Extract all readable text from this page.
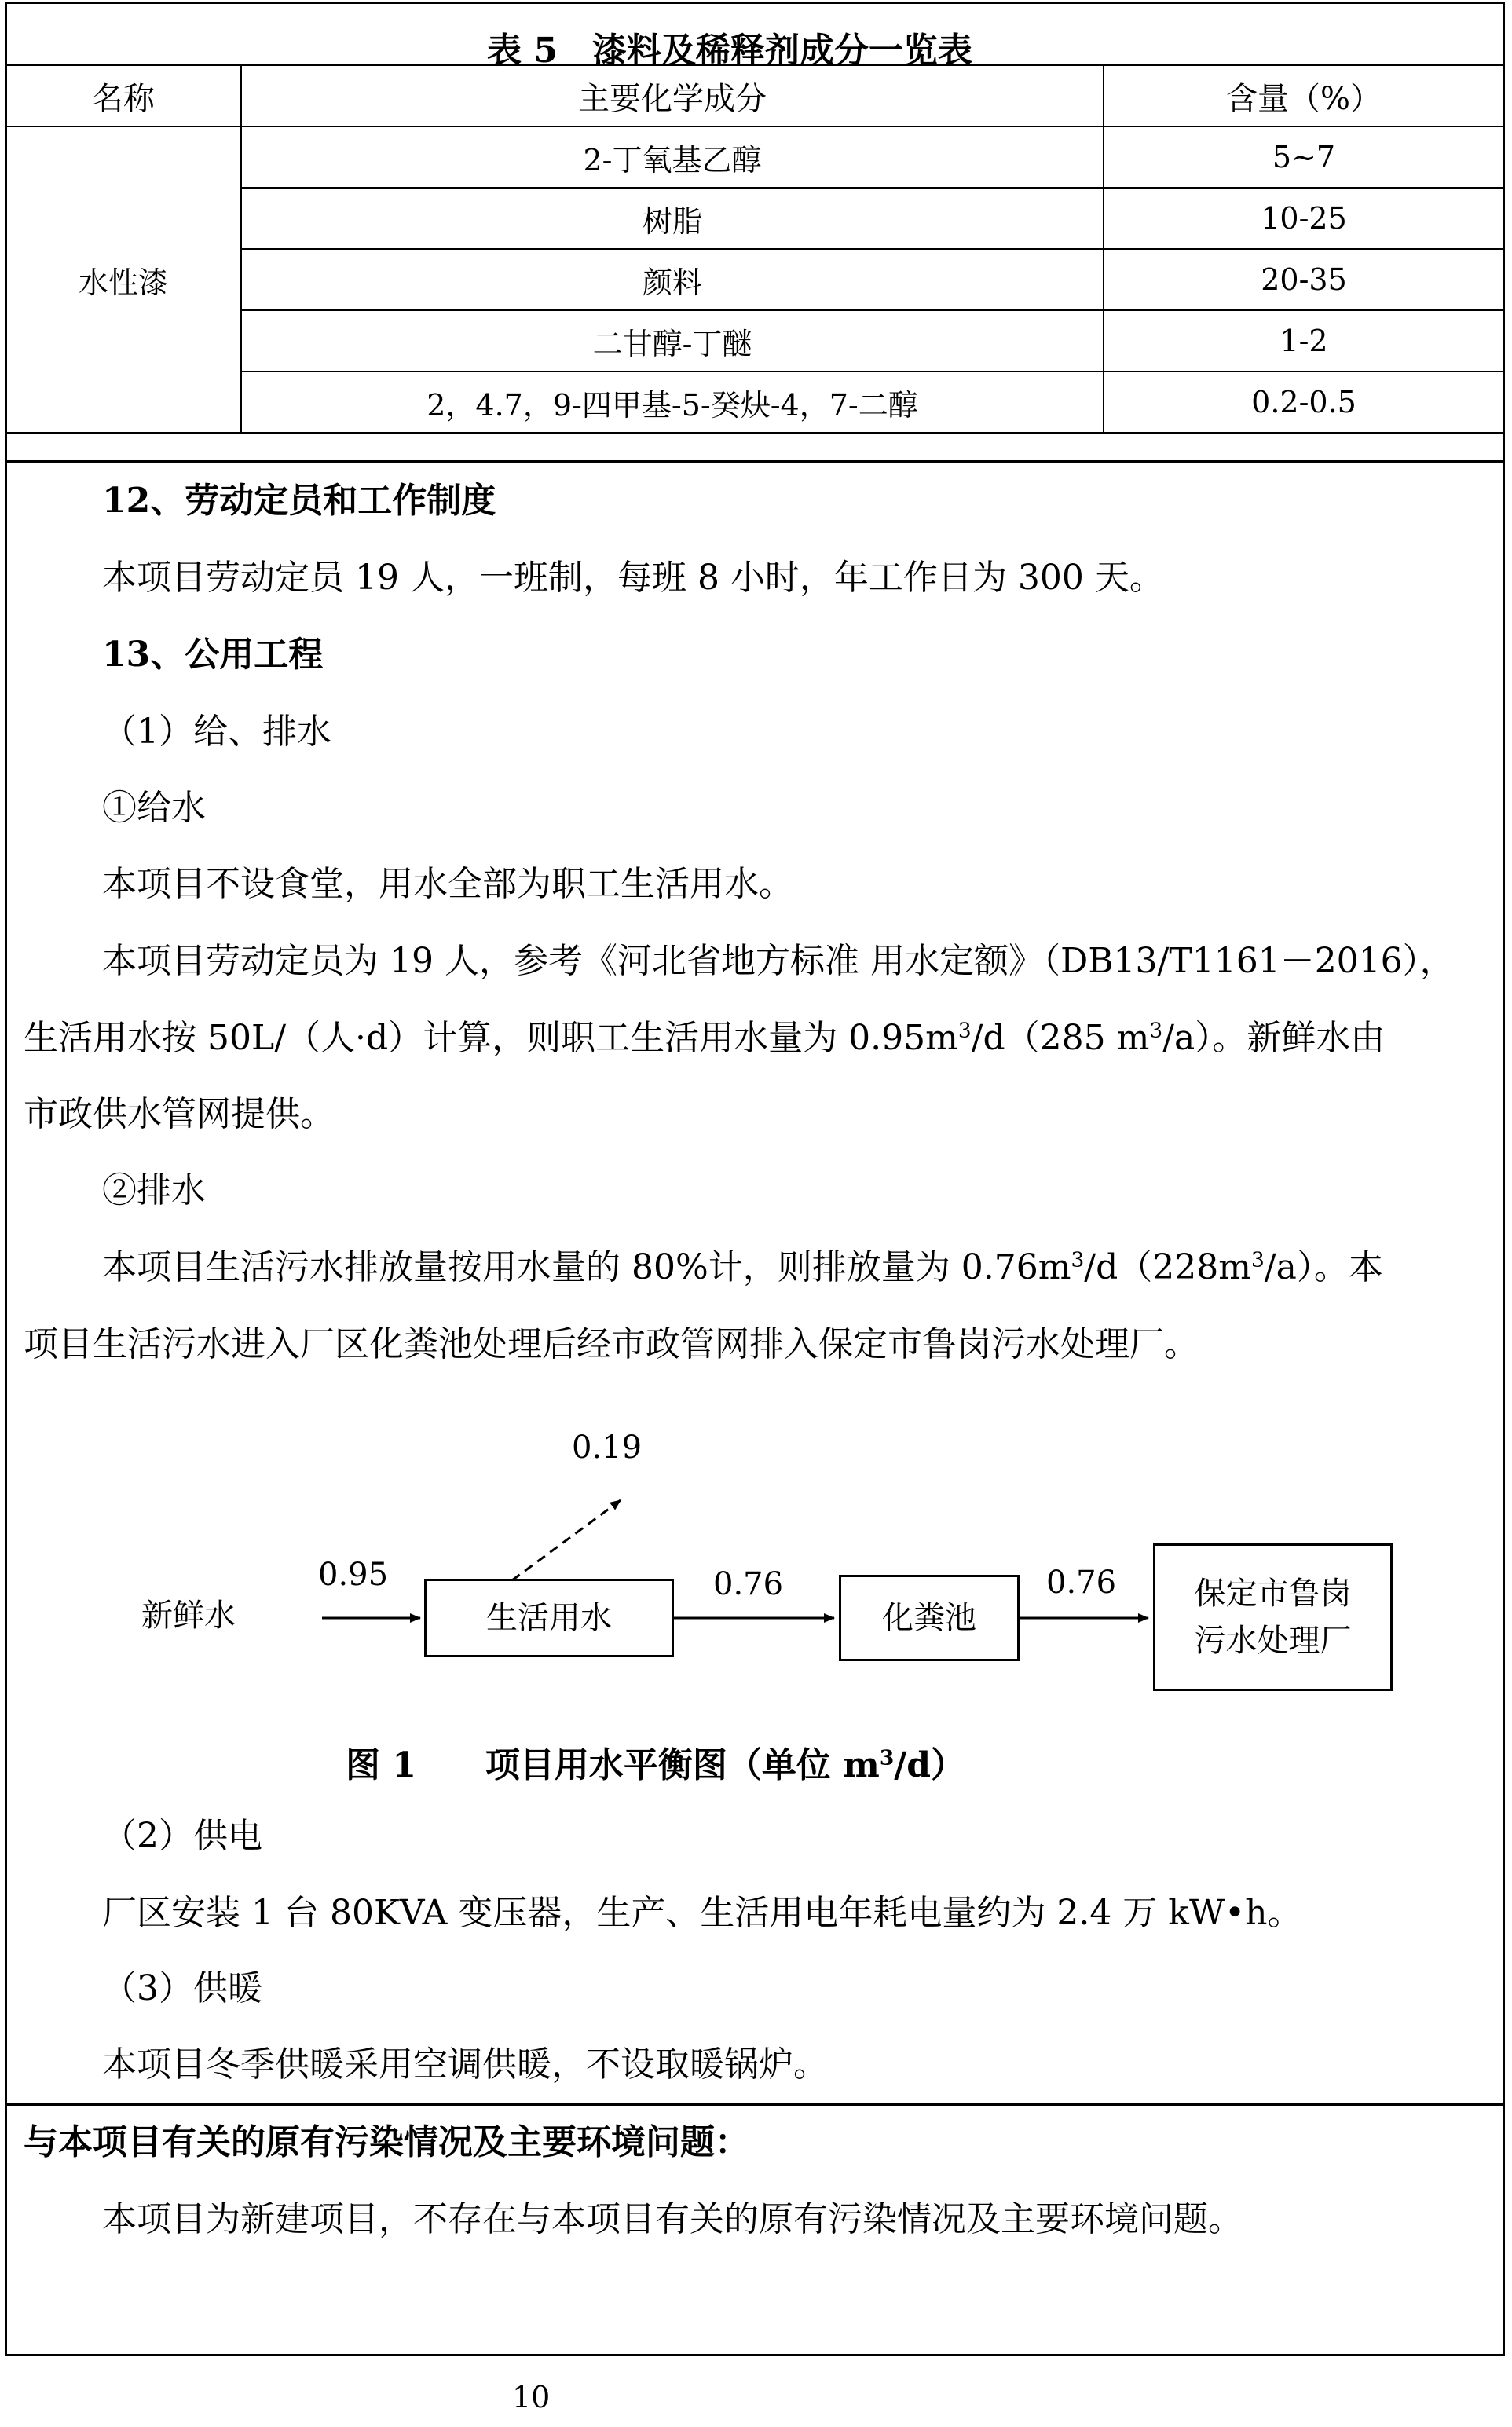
表 5　漆料及稀释剂成分一览表
名称	主要化学成分	含量（%）
水性漆	2-丁氧基乙醇	5~7
	树脂	10-25
	颜料	20-35
	二甘醇-丁醚	1-2
	2，4.7，9-四甲基-5-癸炔-4，7-二醇	0.2-0.5
12、劳动定员和工作制度
本项目劳动定员 19 人，一班制，每班 8 小时，年工作日为 300 天。
13、公用工程
（1）给、排水
①给水
本项目不设食堂，用水全部为职工生活用水。
本项目劳动定员为 19 人，参考《河北省地方标准 用水定额》（DB13/T1161－2016），
生活用水按 50L/（人·d）计算，则职工生活用水量为 $0.95m^3/d(285$ $m^3/a$）。新鲜水由
市政供水管网提供。
②排水
本项目生活污水排放量按用水量的 80%计，则排放量为 $0.76m^3/d(228m^3/a)$。本
项目生活污水进入厂区化粪池处理后经市政管网排入保定市鲁岗污水处理厂。
0.19
新鲜水
0.95
生活用水
0.76
化粪池
0.76 保定市鲁岗
污水处理厂
图 1　　项目用水平衡图（单位 $m^3/d$）
（2）供电
厂区安装 1 台 80KVA 变压器，生产、生活用电年耗电量约为 2.4 万 kW•h。
（3）供暖
本项目冬季供暖采用空调供暖，不设取暖锅炉。
与本项目有关的原有污染情况及主要环境问题：
本项目为新建项目，不存在与本项目有关的原有污染情况及主要环境问题。
10
